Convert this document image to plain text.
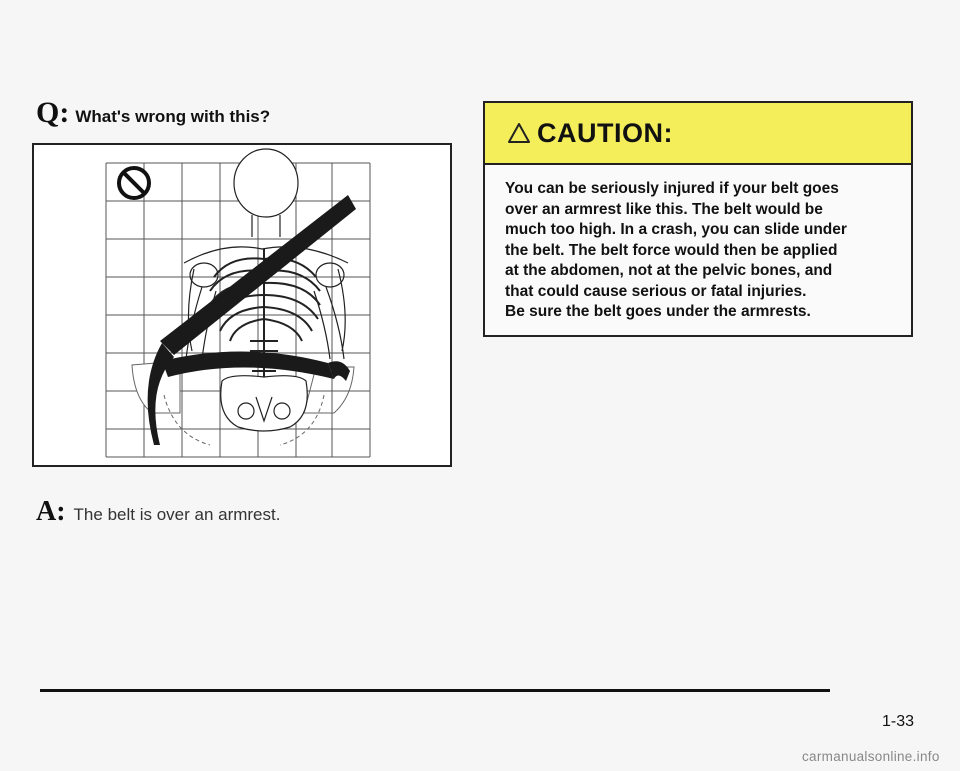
Q: What's wrong with this?
A: The belt is over an armrest.
CAUTION:

You can be seriously injured if your belt goes

over an armrest like this. The belt would be

much too high. In a crash, you can slide under

the belt. The belt force would then be applied

at the abdomen, not at the pelvic bones, and

that could cause serious or fatal injuries.

Be sure the belt goes under the armrests.

1-33
carmanualsonline.info
